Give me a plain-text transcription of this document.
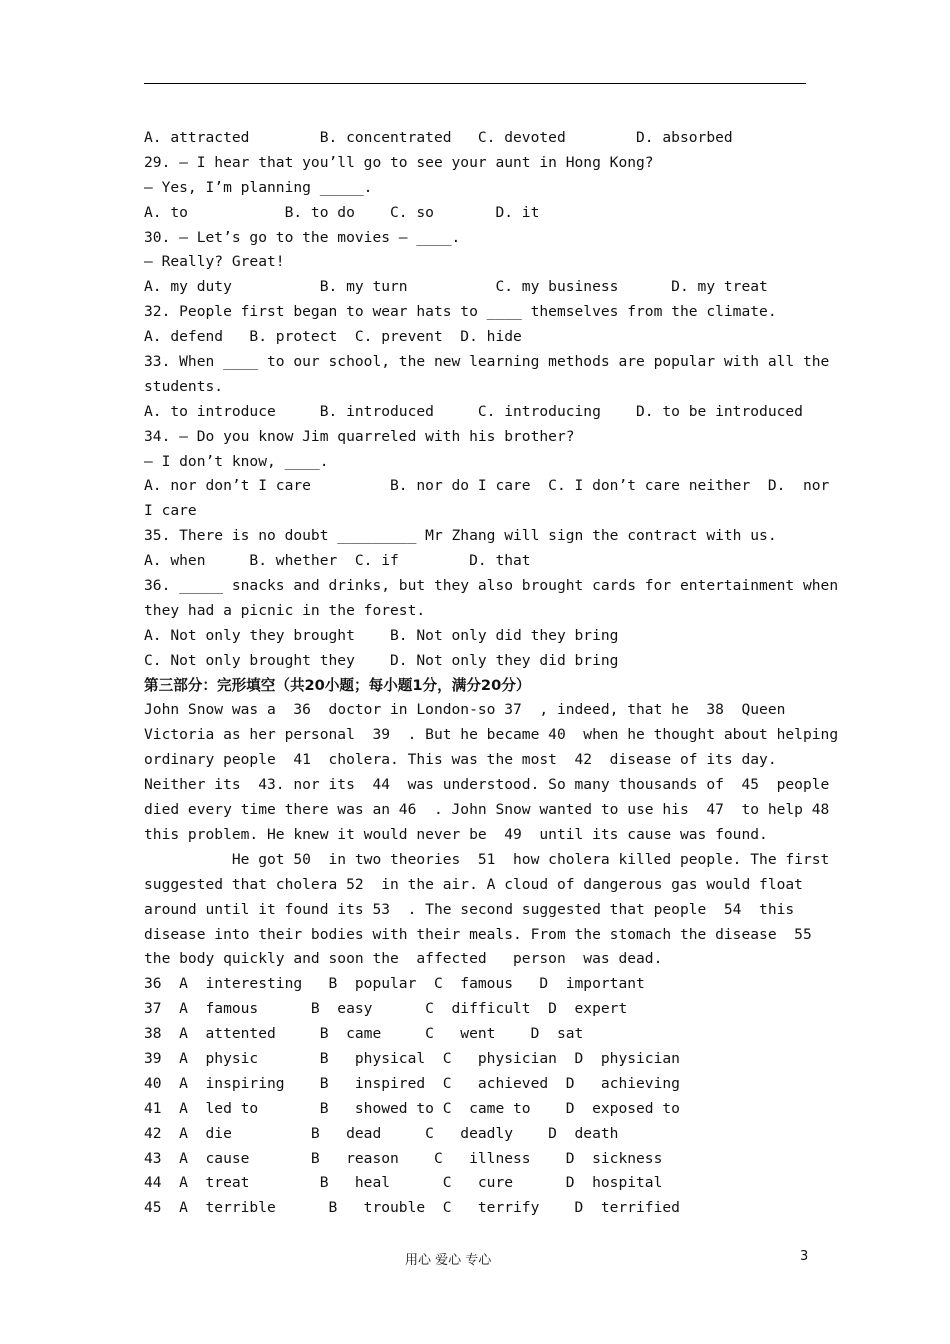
A. attracted        B. concentrated   C. devoted        D. absorbed
29. — I hear that you’ll go to see your aunt in Hong Kong?
— Yes, I’m planning _____.
A. to           B. to do    C. so       D. it
30. — Let’s go to the movies — ____.
— Really? Great!
A. my duty          B. my turn          C. my business      D. my treat
32. People first began to wear hats to ____ themselves from the climate.
A. defend   B. protect  C. prevent  D. hide
33. When ____ to our school, the new learning methods are popular with all the
students.
A. to introduce     B. introduced     C. introducing    D. to be introduced
34. — Do you know Jim quarreled with his brother?
— I don’t know, ____.
A. nor don’t I care         B. nor do I care  C. I don’t care neither  D.  nor
I care
35. There is no doubt _________ Mr Zhang will sign the contract with us.
A. when     B. whether  C. if        D. that
36. _____ snacks and drinks, but they also brought cards for entertainment when
they had a picnic in the forest.
A. Not only they brought    B. Not only did they bring
C. Not only brought they    D. Not only they did bring
第三部分：完形填空（共20小题；每小题1分，满分20分）
John Snow was a  36  doctor in London-so 37  , indeed, that he  38  Queen
Victoria as her personal  39  . But he became 40  when he thought about helping
ordinary people  41  cholera. This was the most  42  disease of its day.
Neither its  43. nor its  44  was understood. So many thousands of  45  people
died every time there was an 46  . John Snow wanted to use his  47  to help 48
this problem. He knew it would never be  49  until its cause was found.
He got 50  in two theories  51  how cholera killed people. The first
suggested that cholera 52  in the air. A cloud of dangerous gas would float
around until it found its 53  . The second suggested that people  54  this
disease into their bodies with their meals. From the stomach the disease  55
the body quickly and soon the  affected   person  was dead.
36  A  interesting   B  popular  C  famous   D  important
37  A  famous      B  easy      C  difficult  D  expert
38  A  attented     B  came     C   went    D  sat
39  A  physic       B   physical  C   physician  D  physician
40  A  inspiring    B   inspired  C   achieved  D   achieving
41  A  led to       B   showed to C  came to    D  exposed to
42  A  die         B   dead     C   deadly    D  death
43  A  cause       B   reason    C   illness    D  sickness
44  A  treat        B   heal      C   cure      D  hospital
45  A  terrible      B   trouble  C   terrify    D  terrified
用心 爱心 专心	3
